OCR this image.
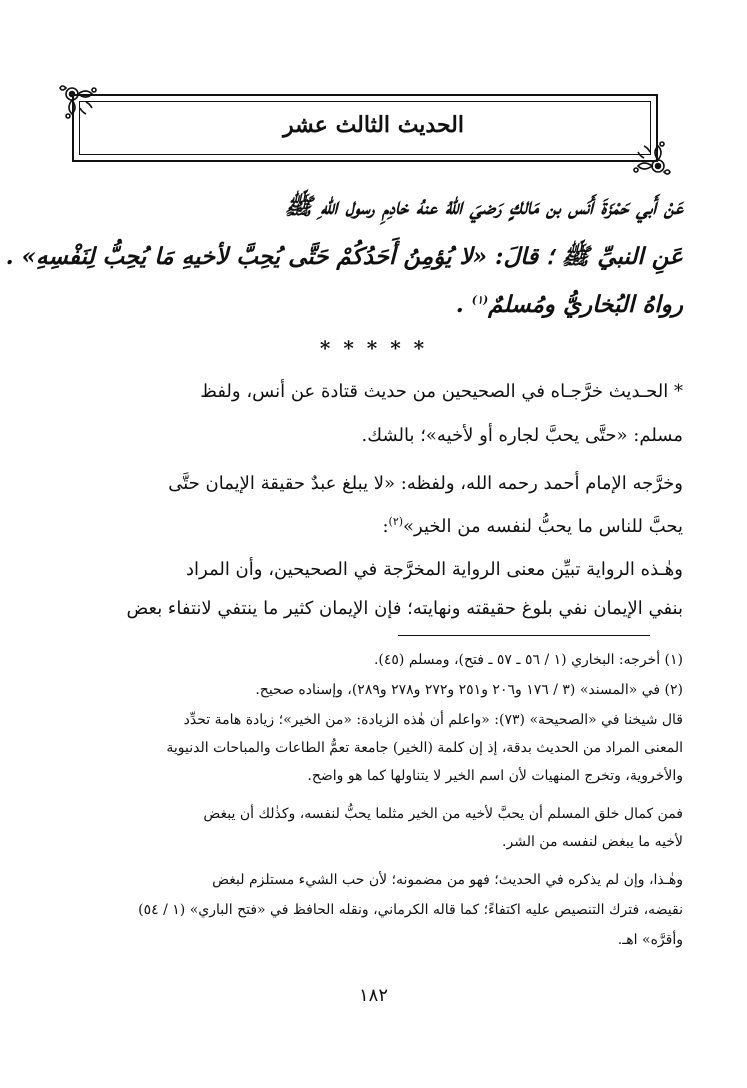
الحديث الثالث عشر
عَنْ أَبي حَمْزَةَ أَنَس بن مَالكٍ رَضيَ اللهُ عنهُ خادِمِ رسول اللهِ ﷺ
عَنِ النبيِّ ﷺ ؛ قالَ: «لا يُؤمِنُ أَحَدُكُمْ حَتَّى يُحِبَّ لأخيهِ مَا يُحِبُّ لِنَفْسِهِ» .
رواهُ البُخاريُّ ومُسلمٌ$^{(١)}$ .
* * * * *
* الحـديث خرَّجـاه في الصحيحين من حديث قتادة عن أنس، ولفظ
مسلم: «حتَّى يحبَّ لجاره أو لأخيه»؛ بالشك.
وخرَّجه الإمام أحمد رحمه الله، ولفظه: «لا يبلغ عبدٌ حقيقة الإيمان حتَّى
يحبَّ للناس ما يحبُّ لنفسه من الخير»$^{(٢)}$:
وهٰـذه الرواية تبيِّن معنى الرواية المخرَّجة في الصحيحين، وأن المراد
بنفي الإيمان نفي بلوغ حقيقته ونهايته؛ فإن الإيمان كثير ما ينتفي لانتفاء بعض
(١) أخرجه: البخاري (١ / ٥٦ ـ ٥٧ ـ فتح)، ومسلم (٤٥).
(٢) في «المسند» (٣ / ١٧٦ و٢٠٦ و٢٥١ و٢٧٢ و٢٧٨ و٢٨٩)، وإسناده صحيح.
قال شيخنا في «الصحيحة» (٧٣): «واعلم أن هٰذه الزيادة: «من الخير»؛ زيادة هامة تحدِّد
المعنى المراد من الحديث بدقة، إذ إن كلمة (الخير) جامعة تعمُّ الطاعات والمباحات الدنيوية
والأخروية، وتخرج المنهيات لأن اسم الخير لا يتناولها كما هو واضح.
فمن كمال خلق المسلم أن يحبَّ لأخيه من الخير مثلما يحبُّ لنفسه، وكذٰلك أن يبغض
لأخيه ما يبغض لنفسه من الشر.
وهٰـذا، وإن لم يذكره في الحديث؛ فهو من مضمونه؛ لأن حب الشيء مستلزم لبغض
نقيضه، فترك التنصيص عليه اكتفاءً؛ كما قاله الكرماني، ونقله الحافظ في «فتح الباري» (١ / ٥٤)
وأقرَّه» اهـ.
١٨٢
